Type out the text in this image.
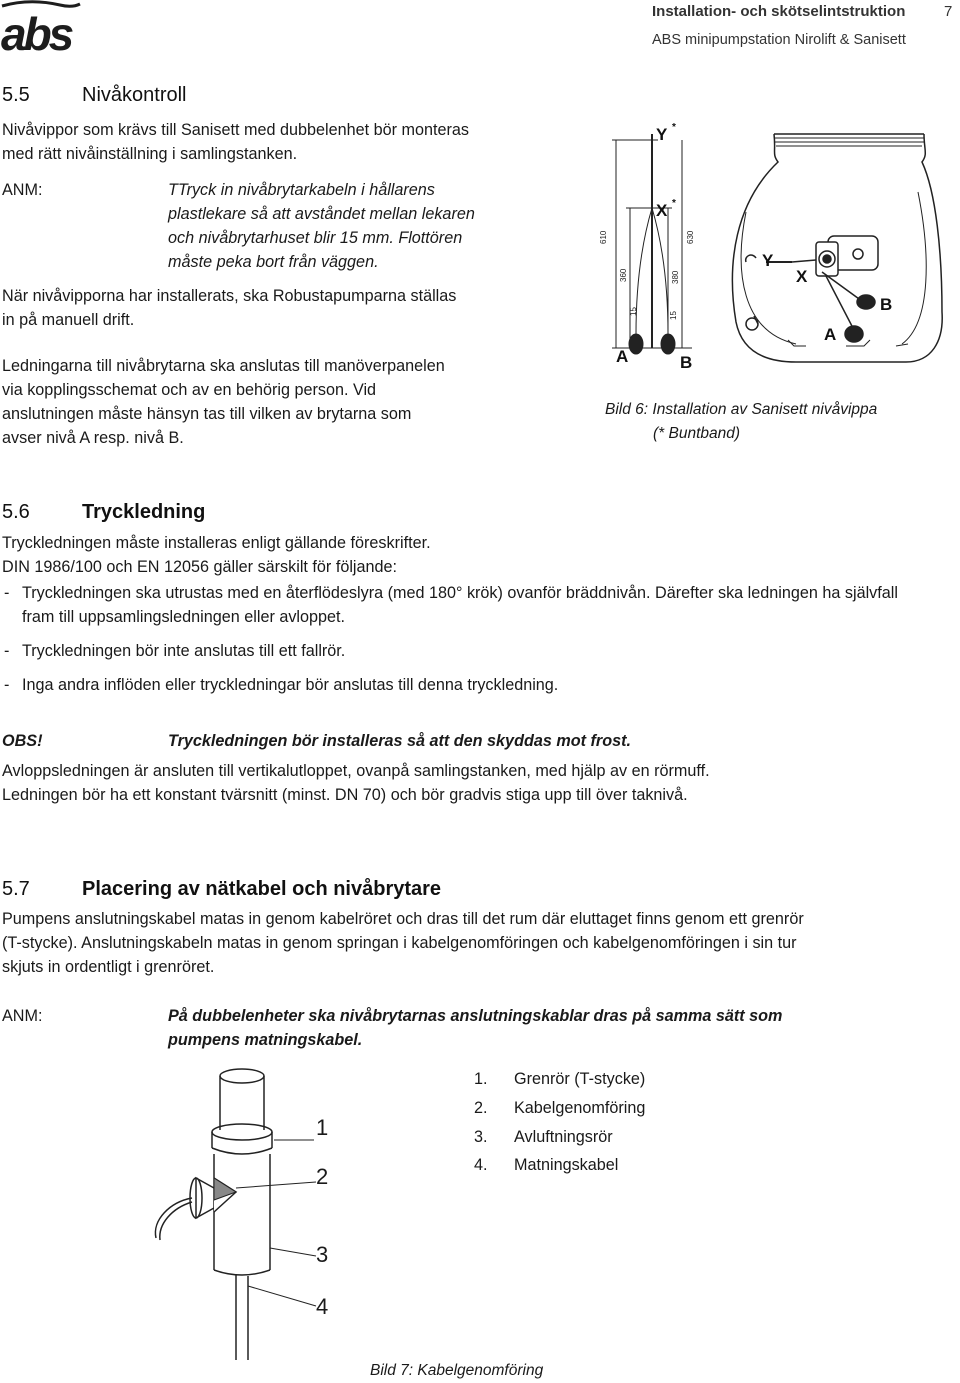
abs	Installation- och skötselintstruktion	7
ABS minipumpstation Nirolift & Sanisett
5.5	Nivåkontroll
Nivåvippor som krävs till Sanisett med dubbelenhet bör monteras
med rätt nivåinställning i samlingstanken.
ANM:	TTryck in nivåbrytarkabeln i hållarens
plastlekare så att avståndet mellan lekaren
och nivåbrytarhuset blir 15 mm. Flottören
måste peka bort från väggen.
När nivåvipporna har installerats, ska Robustapumparna ställas
in på manuell drift.
Ledningarna till nivåbrytarna ska anslutas till manöverpanelen
via kopplingsschemat och av en behörig person. Vid
anslutningen måste hänsyn tas till vilken av brytarna som
avser nivå A resp. nivå B.
610	630
360	380
15	15
Y *
X *
A	B
Y
X
B
A
Bild 6: Installation av Sanisett nivåvippa
(* Buntband)
5.6	Tryckledning
Tryckledningen måste installeras enligt gällande föreskrifter.
DIN 1986/100 och EN 12056 gäller särskilt för följande:
- Tryckledningen ska utrustas med en återflödeslyra (med 180° krök) ovanför bräddnivån. Därefter ska ledningen ha självfall fram till uppsamlingsledningen eller avloppet.
- Tryckledningen bör inte anslutas till ett fallrör.
- Inga andra inflöden eller tryckledningar bör anslutas till denna tryckledning.
OBS!	Tryckledningen bör installeras så att den skyddas mot frost.
Avloppsledningen är ansluten till vertikalutloppet, ovanpå samlingstanken, med hjälp av en rörmuff.
Ledningen bör ha ett konstant tvärsnitt (minst. DN 70) och bör gradvis stiga upp till över taknivå.
5.7	Placering av nätkabel och nivåbrytare
Pumpens anslutningskabel matas in genom kabelröret och dras till det rum där eluttaget finns genom ett grenrör
(T-stycke). Anslutningskabeln matas in genom springan i kabelgenomföringen och kabelgenomföringen i sin tur
skjuts in ordentligt i grenröret.
ANM:	På dubbelenheter ska nivåbrytarnas anslutningskablar dras på samma sätt som
pumpens matningskabel.
1. Grenrör (T-stycke)
2. Kabelgenomföring
3. Avluftningsrör
4. Matningskabel
1
2
3
4
Bild 7: Kabelgenomföring
